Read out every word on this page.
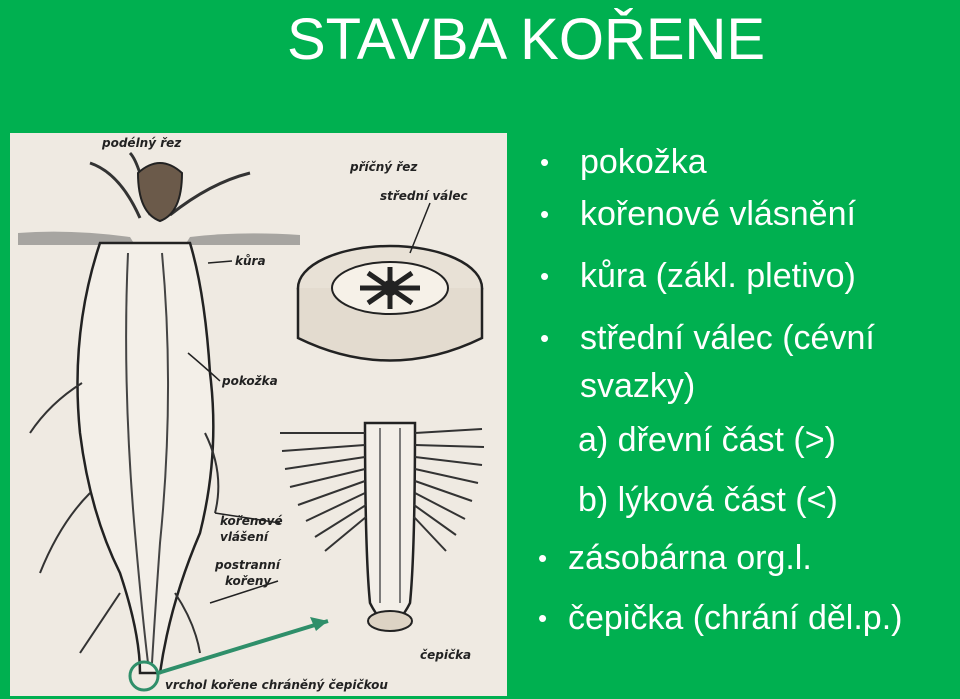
STAVBA KOŘENE
podélný řez
příčný řez
střední válec
kůra
pokožka
kořenové
vlášení
postranní
kořeny
čepička
vrchol kořene chráněný čepičkou
• pokožka
• kořenové vlásnění
• kůra (zákl. pletivo)
• střední válec (cévní
svazky)
a) dřevní část (>)
b) lýková část (<)
• zásobárna org.l.
• čepička (chrání děl.p.)
